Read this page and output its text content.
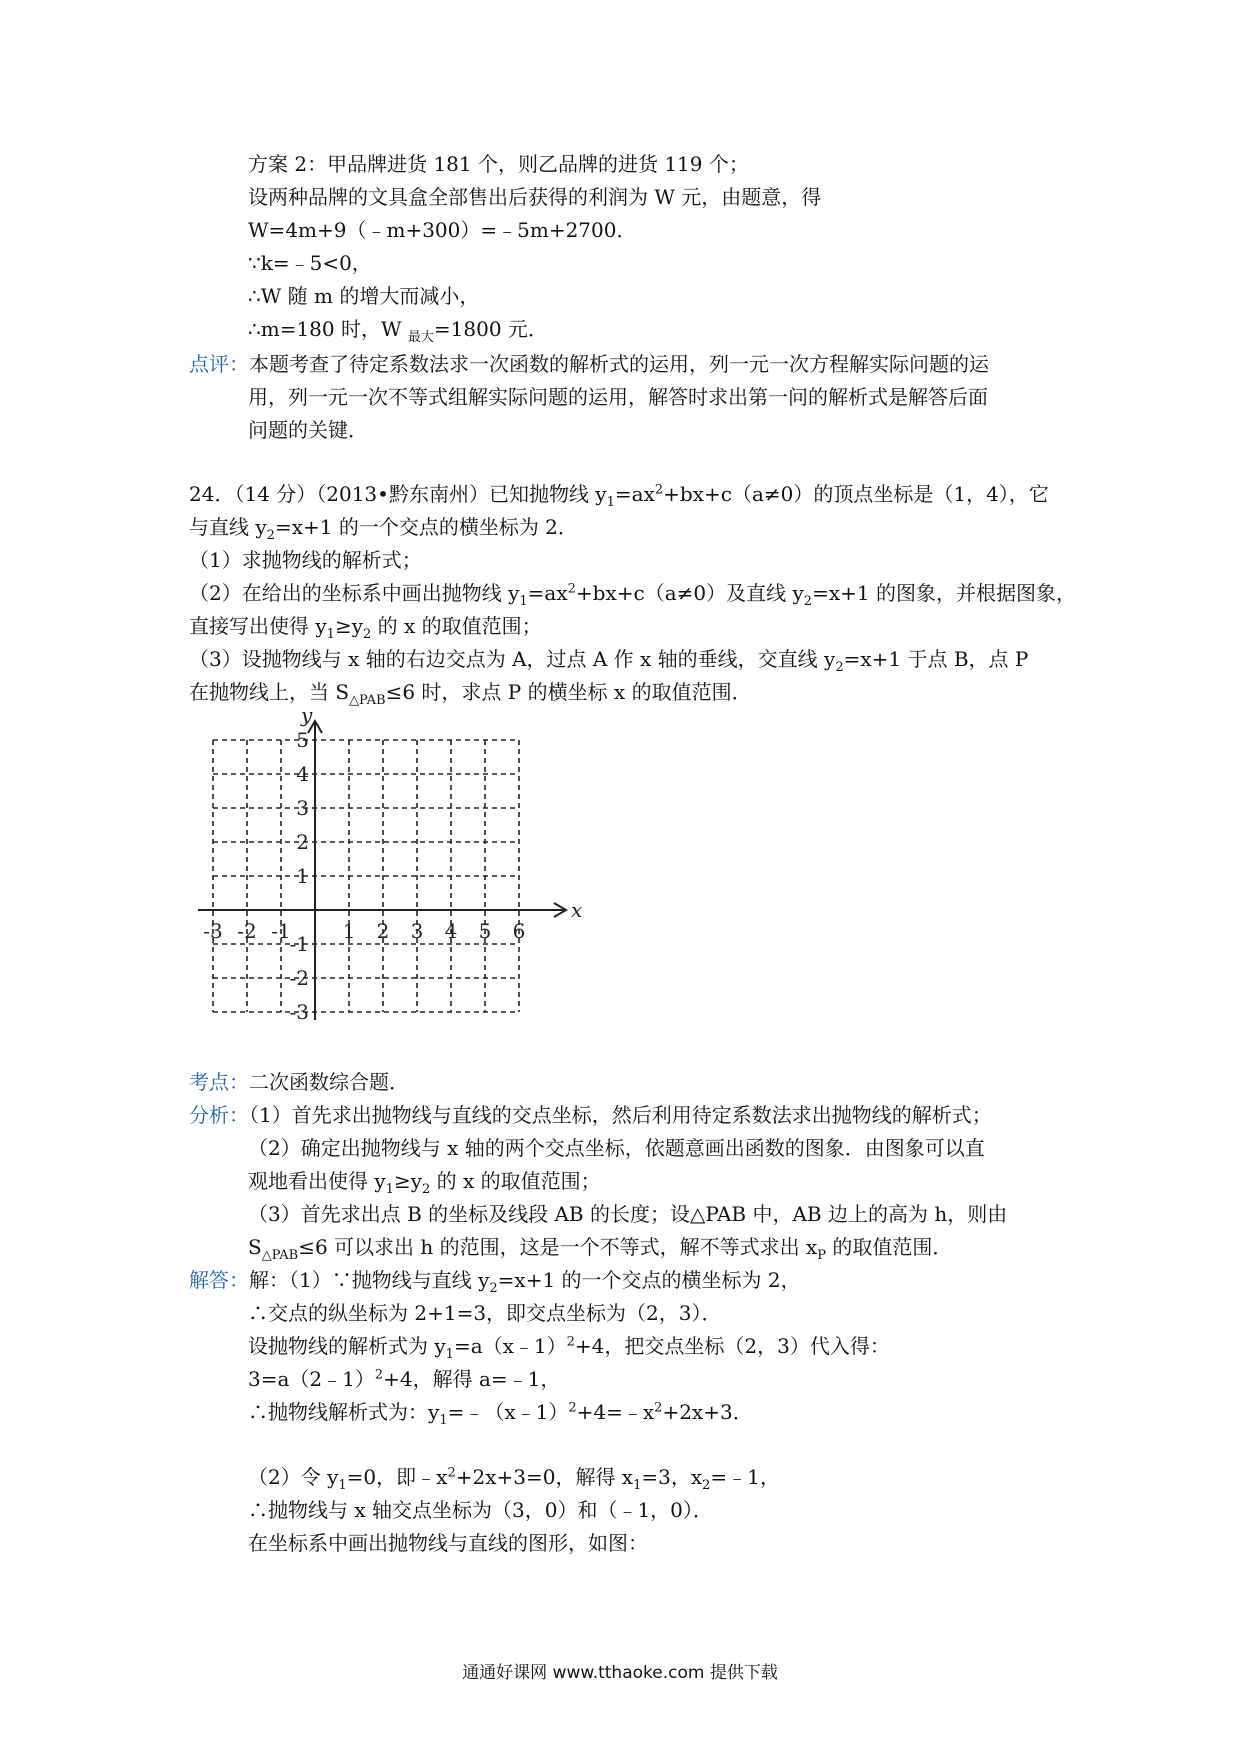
方案 2：甲品牌进货 181 个，则乙品牌的进货 119 个；
设两种品牌的文具盒全部售出后获得的利润为 W 元，由题意，得
W=4m+9（﹣m+300）=﹣5m+2700．
∵k=﹣5<0，
∴W 随 m 的增大而减小，
∴m=180 时，W $_{最大}$=1800 元．
点评：本题考查了待定系数法求一次函数的解析式的运用，列一元一次方程解实际问题的运
用，列一元一次不等式组解实际问题的运用，解答时求出第一问的解析式是解答后面
问题的关键．
24．（14 分）（2013•黔东南州）已知抛物线 $y_1=ax^2+bx+c(a\ne 0)$的顶点坐标是（1，4），它
与直线 $y_2=x+1$ 的一个交点的横坐标为 2．
（1）求抛物线的解析式；
（2）在给出的坐标系中画出抛物线 $y_1=ax^2+bx+c(a\ne 0)$及直线 $y_2=x+1$ 的图象，并根据图象，
直接写出使得 $y_1\ge y_2$ 的 x 的取值范围；
（3）设抛物线与 x 轴的右边交点为 A，过点 A 作 x 轴的垂线，交直线 $y_2=x+1$ 于点 B，点 P
在抛物线上，当 $S_{\triangle PAB}\le 6$ 时，求点 P 的横坐标 x 的取值范围．
x
y
-3 -2 -1	1 2 3 4 5 6
5
4
3
2
1
-1
-2
-3
考点：二次函数综合题．
分析：（1）首先求出抛物线与直线的交点坐标，然后利用待定系数法求出抛物线的解析式；
（2）确定出抛物线与 x 轴的两个交点坐标，依题意画出函数的图象．由图象可以直
观地看出使得 $y_1\ge y_2$ 的 x 的取值范围；
（3）首先求出点 B 的坐标及线段 AB 的长度；设△PAB 中，AB 边上的高为 h，则由
$S_{\triangle PAB}\le 6$ 可以求出 h 的范围，这是一个不等式，解不等式求出 $x_P$ 的取值范围．
解答：解：（1）∵抛物线与直线 $y_2=x+1$ 的一个交点的横坐标为 2，
∴交点的纵坐标为 2+1=3，即交点坐标为（2，3）．
设抛物线的解析式为 $y_1=a(x﹣1)^2+4$，把交点坐标（2，3）代入得：
3=a（2﹣1）$^2$+4，解得 a=﹣1，
∴抛物线解析式为：$y_1=﹣(x﹣1)^2+4=﹣x^2+2x+3$．
（2）令 $y_1=0$，即$﹣x^2+2x+3=0$，解得 $x_1=3$，$x_2=﹣1$，
∴抛物线与 x 轴交点坐标为（3，0）和（﹣1，0）．
在坐标系中画出抛物线与直线的图形，如图：
通通好课网 www.tthaoke.com 提供下载
